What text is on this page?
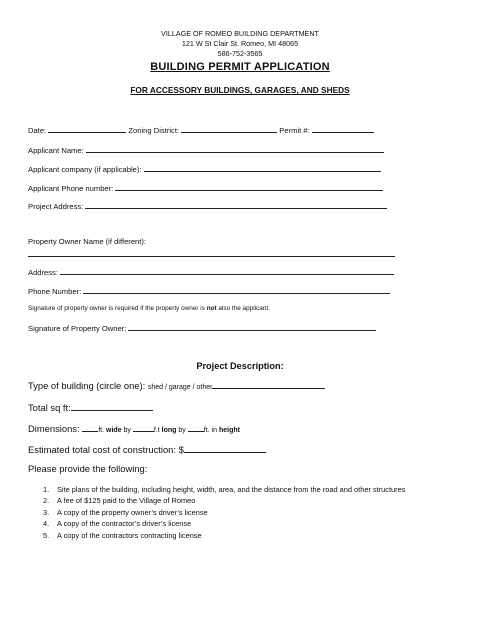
VILLAGE OF ROMEO BUILDING DEPARTMENT
121 W St Clair St. Romeo, MI 48065
586-752-3565
BUILDING PERMIT APPLICATION
FOR ACCESSORY BUILDINGS, GARAGES, AND SHEDS
Date:	Zoning District:	Permit #:
Applicant Name:
Applicant company (if applicable):
Applicant Phone number:
Project Address:
Property Owner Name (if different):
Address:
Phone Number:
Signature of property owner is required if the property owner is not also the applicant.
Signature of Property Owner:
Project Description:
Type of building (circle one): shed / garage / other
Total sq ft:
Dimensions:	ft. wide by	f.t long by	ft. in height
Estimated total cost of construction: $
Please provide the following:
1.	Site plans of the building, including height, width, area, and the distance from the road and other structures
2.	A fee of $125 paid to the Village of Romeo
3.	A copy of the property owner’s driver’s license
4.	A copy of the contractor’s driver’s license
5.	A copy of the contractors contracting license
